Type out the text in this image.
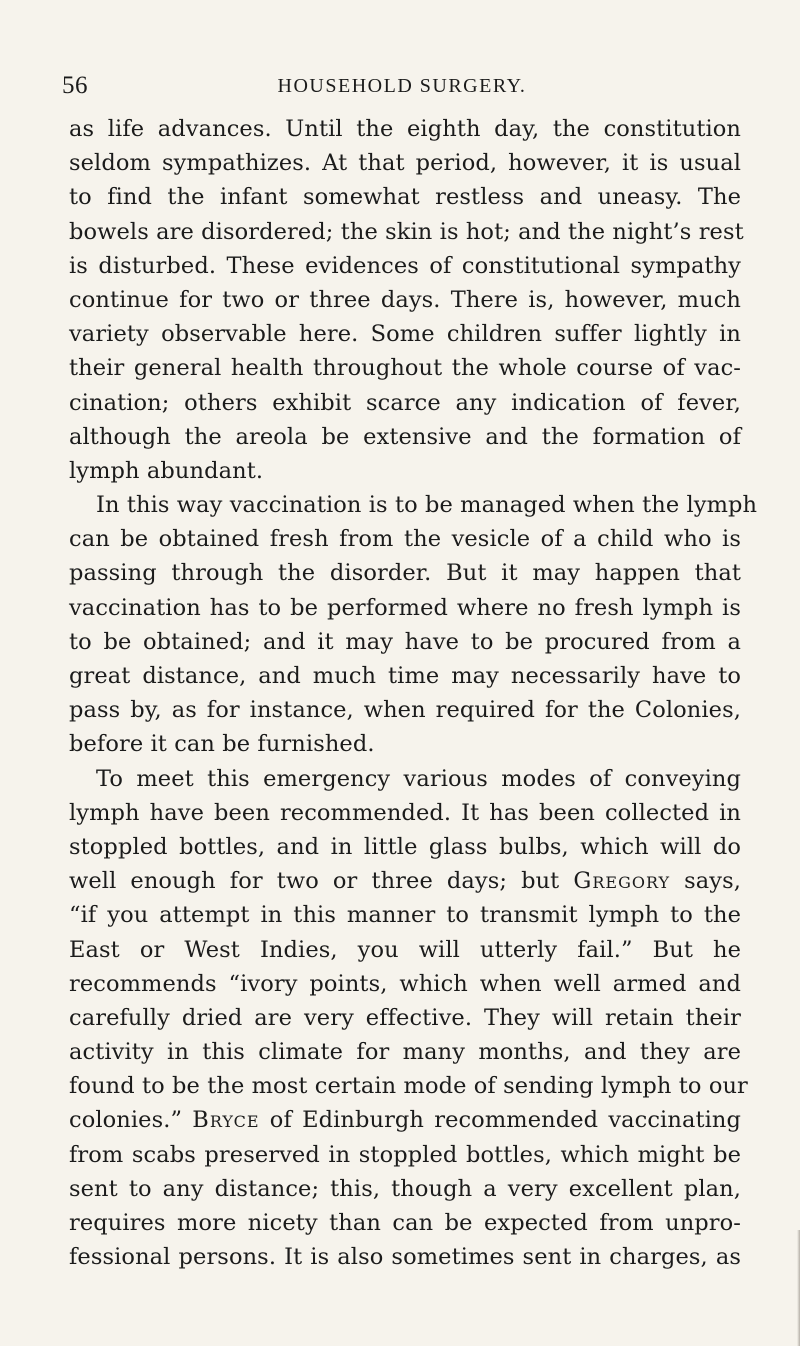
56	HOUSEHOLD SURGERY.
as life advances. Until the eighth day, the constitution
seldom sympathizes. At that period, however, it is usual
to find the infant somewhat restless and uneasy. The
bowels are disordered; the skin is hot; and the night’s rest
is disturbed. These evidences of constitutional sympathy
continue for two or three days. There is, however, much
variety observable here. Some children suffer lightly in
their general health throughout the whole course of vac-
cination; others exhibit scarce any indication of fever,
although the areola be extensive and the formation of
lymph abundant.
In this way vaccination is to be managed when the lymph
can be obtained fresh from the vesicle of a child who is
passing through the disorder. But it may happen that
vaccination has to be performed where no fresh lymph is
to be obtained; and it may have to be procured from a
great distance, and much time may necessarily have to
pass by, as for instance, when required for the Colonies,
before it can be furnished.
To meet this emergency various modes of conveying
lymph have been recommended. It has been collected in
stoppled bottles, and in little glass bulbs, which will do
well enough for two or three days; but Gregory says,
“if you attempt in this manner to transmit lymph to the
East or West Indies, you will utterly fail.” But he
recommends “ivory points, which when well armed and
carefully dried are very effective. They will retain their
activity in this climate for many months, and they are
found to be the most certain mode of sending lymph to our
colonies.” Bryce of Edinburgh recommended vaccinating
from scabs preserved in stoppled bottles, which might be
sent to any distance; this, though a very excellent plan,
requires more nicety than can be expected from unpro-
fessional persons. It is also sometimes sent in charges, as
